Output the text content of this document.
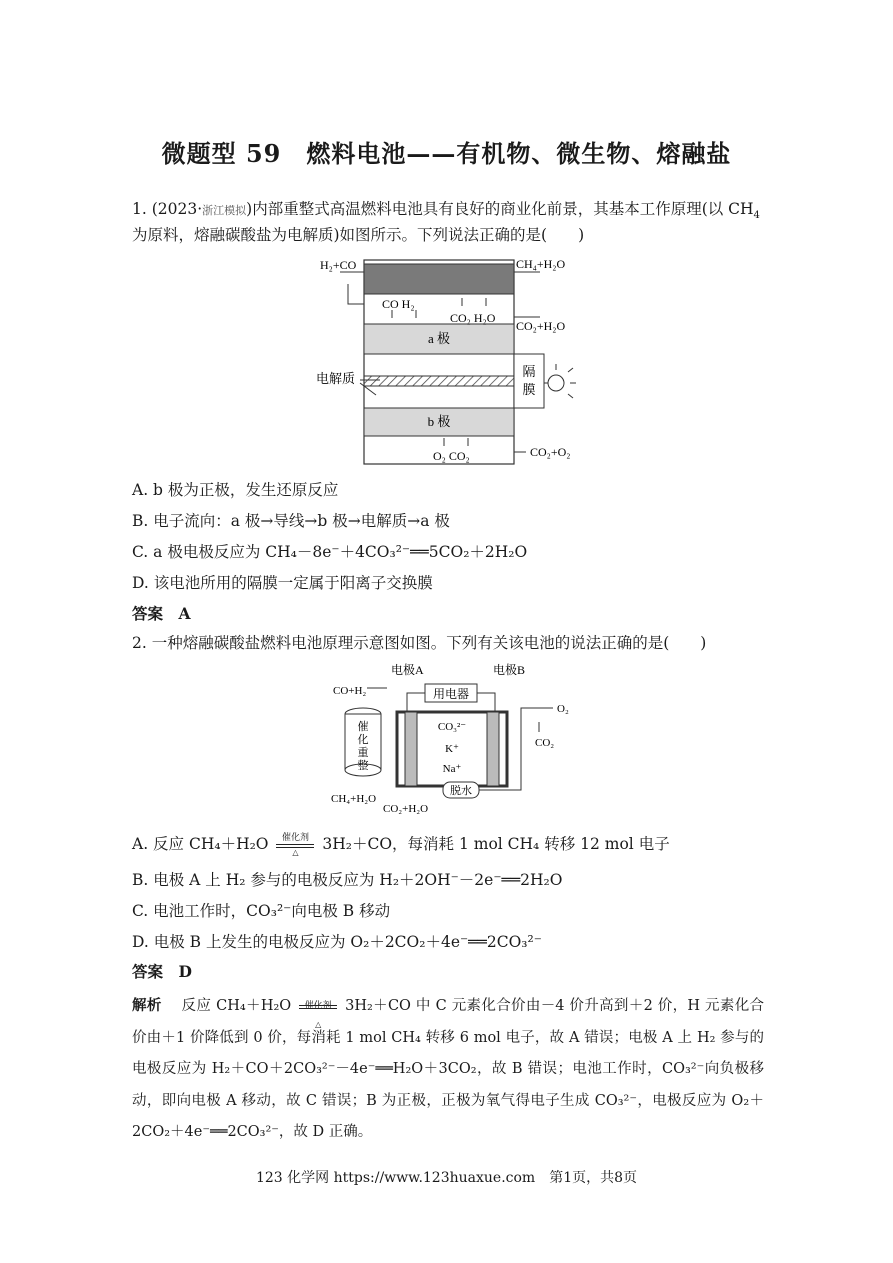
微题型 59　燃料电池——有机物、微生物、熔融盐
1. (2023·浙江模拟)内部重整式高温燃料电池具有良好的商业化前景，其基本工作原理(以 $CH_4$
为原料，熔融碳酸盐为电解质)如图所示。下列说法正确的是(　　)
隔
膜
H₂+CO	CH₄+H₂O
CO H₂
CO₂ H₂O
CO₂+H₂O
a 极
b 极
电解质
O₂ CO₂	CO₂+O₂
A. b 极为正极，发生还原反应
B. 电子流向：a 极→导线→b 极→电解质→a 极
C. a 极电极反应为 CH₄－8e⁻＋4CO₃²⁻══5CO₂＋2H₂O
D. 该电池所用的隔膜一定属于阳离子交换膜
答案　A
2. 一种熔融碳酸盐燃料电池原理示意图如图。下列有关该电池的说法正确的是(　　)
电极A	电极B
用电器
CO+H₂
CO₃²⁻
K⁺
Na⁺
O₂
CO₂
催
化
重
整
CH₄+H₂O
CO₂+H₂O
脱水
A. 反应 CH₄＋H₂O	催化剂
△	3H₂＋CO，每消耗 1 mol CH₄ 转移 12 mol 电子
B. 电极 A 上 H₂ 参与的电极反应为 H₂＋2OH⁻－2e⁻══2H₂O
C. 电池工作时，CO₃²⁻向电极 B 移动
D. 电极 B 上发生的电极反应为 O₂＋2CO₂＋4e⁻══2CO₃²⁻
答案　D
解析　 反应 CH₄＋H₂O	催化剂
△
3H₂＋CO 中 C 元素化合价由－4 价升高到＋2 价，H 元素化合价由＋1 价降低到 0 价，每消耗 1 mol CH₄ 转移 6 mol 电子，故 A 错误；电极 A 上 H₂ 参与的电极反应为 H₂＋CO＋2CO₃²⁻－4e⁻══H₂O＋3CO₂，故 B 错误；电池工作时，CO₃²⁻向负极移动，即向电极 A 移动，故 C 错误；B 为正极，正极为氧气得电子生成 CO₃²⁻，电极反应为 O₂＋2CO₂＋4e⁻══2CO₃²⁻，故 D 正确。
123 化学网 https://www.123huaxue.com　第1页，共8页
